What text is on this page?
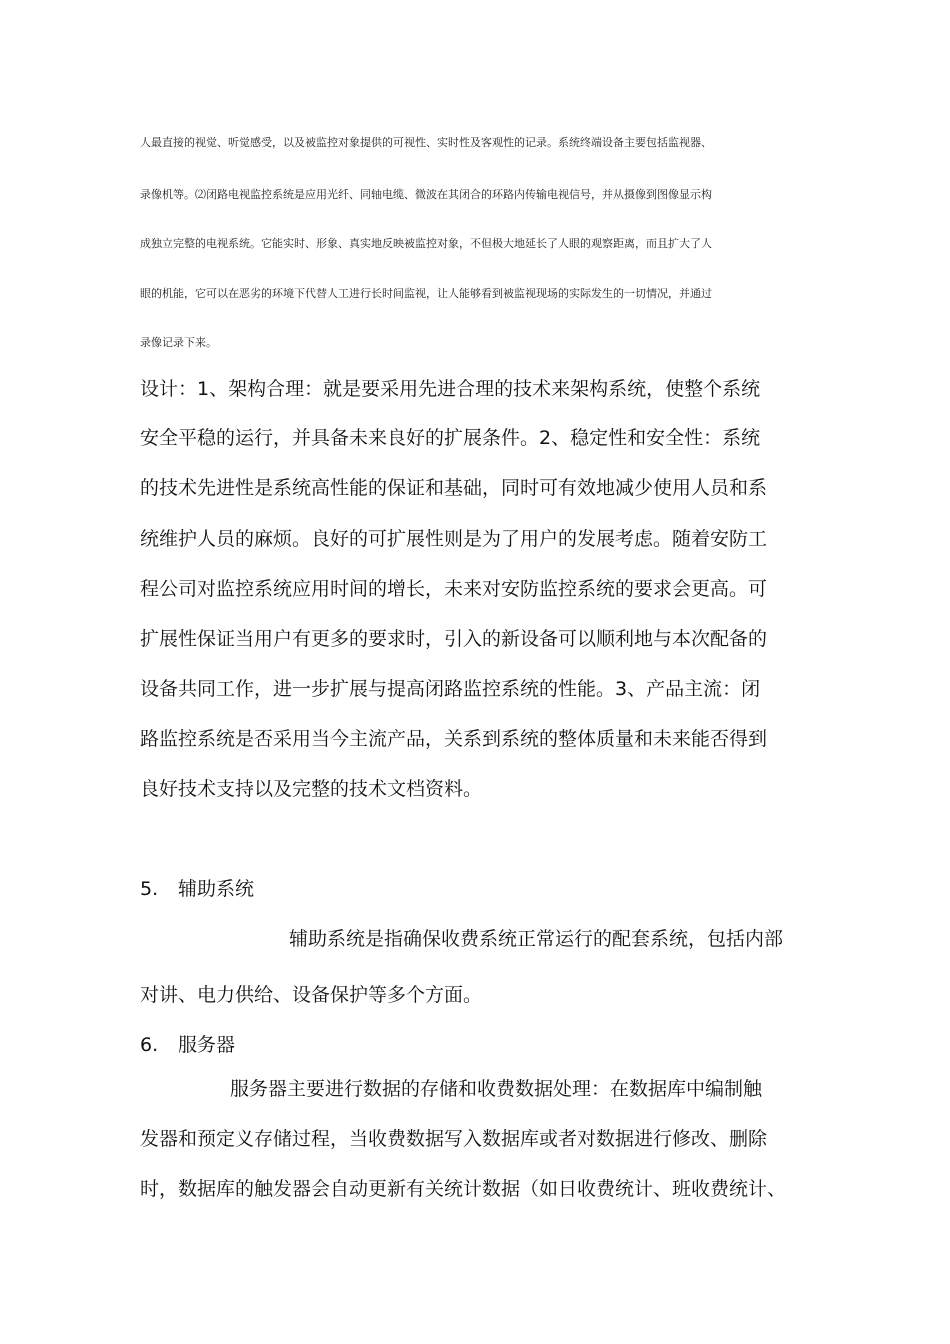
人最直接的视觉、听觉感受，以及被监控对象提供的可视性、实时性及客观性的记录。系统终端设备主要包括监视器、
录像机等。⑵闭路电视监控系统是应用光纤、同轴电缆、微波在其闭合的环路内传输电视信号，并从摄像到图像显示构
成独立完整的电视系统。它能实时、形象、真实地反映被监控对象，不但极大地延长了人眼的观察距离，而且扩大了人
眼的机能，它可以在恶劣的环境下代替人工进行长时间监视，让人能够看到被监视现场的实际发生的一切情况，并通过
录像记录下来。
设计：1、架构合理：就是要采用先进合理的技术来架构系统，使整个系统
安全平稳的运行，并具备未来良好的扩展条件。2、稳定性和安全性：系统
的技术先进性是系统高性能的保证和基础，同时可有效地减少使用人员和系
统维护人员的麻烦。良好的可扩展性则是为了用户的发展考虑。随着安防工
程公司对监控系统应用时间的增长，未来对安防监控系统的要求会更高。可
扩展性保证当用户有更多的要求时，引入的新设备可以顺利地与本次配备的
设备共同工作，进一步扩展与提高闭路监控系统的性能。3、产品主流：闭
路监控系统是否采用当今主流产品，关系到系统的整体质量和未来能否得到
良好技术支持以及完整的技术文档资料。
5. 辅助系统
辅助系统是指确保收费系统正常运行的配套系统，包括内部
对讲、电力供给、设备保护等多个方面。
6. 服务器
服务器主要进行数据的存储和收费数据处理：在数据库中编制触
发器和预定义存储过程，当收费数据写入数据库或者对数据进行修改、删除
时，数据库的触发器会自动更新有关统计数据（如日收费统计、班收费统计、
